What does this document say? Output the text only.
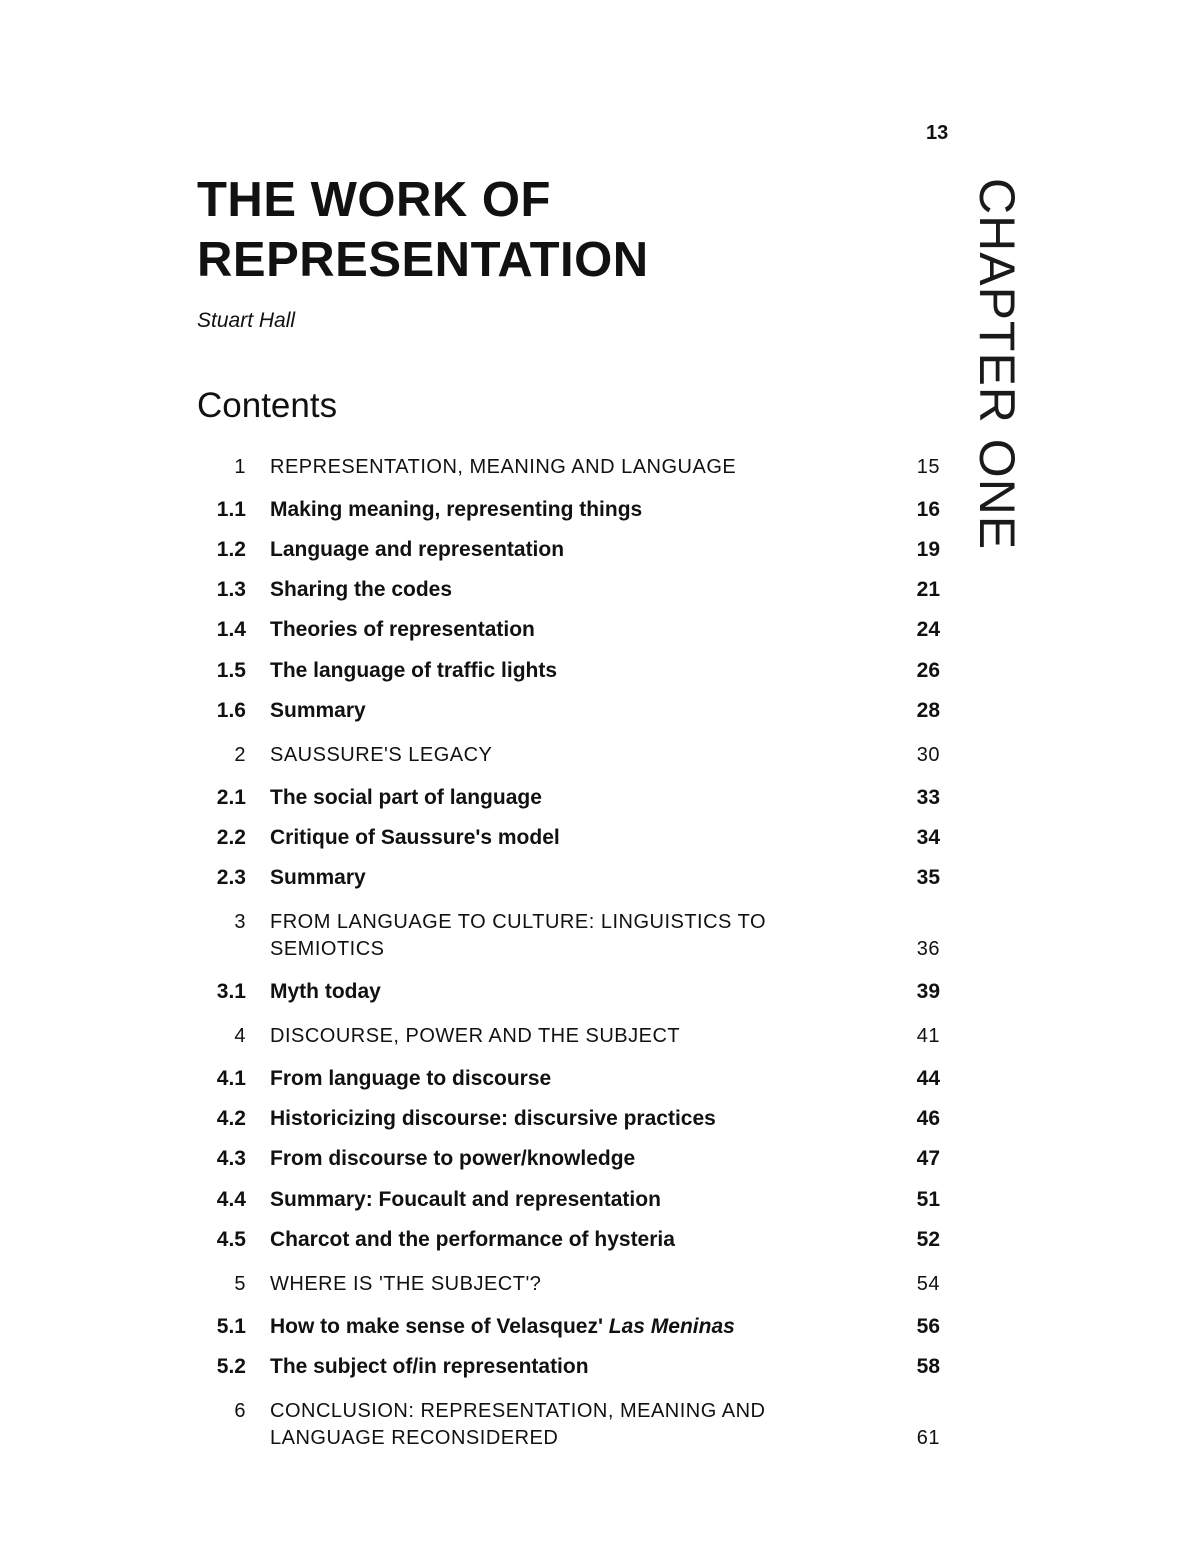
13
CHAPTER ONE
THE WORK OF
REPRESENTATION
Stuart Hall
Contents
1 REPRESENTATION, MEANING AND LANGUAGE	15
1.1 Making meaning, representing things	16
1.2 Language and representation	19
1.3 Sharing the codes	21
1.4 Theories of representation	24
1.5 The language of traffic lights	26
1.6 Summary	28
2 SAUSSURE'S LEGACY	30
2.1 The social part of language	33
2.2 Critique of Saussure's model	34
2.3 Summary	35
3 FROM LANGUAGE TO CULTURE: LINGUISTICS TO SEMIOTICS	36
3.1 Myth today	39
4 DISCOURSE, POWER AND THE SUBJECT	41
4.1 From language to discourse	44
4.2 Historicizing discourse: discursive practices	46
4.3 From discourse to power/knowledge	47
4.4 Summary: Foucault and representation	51
4.5 Charcot and the performance of hysteria	52
5 WHERE IS 'THE SUBJECT'?	54
5.1 How to make sense of Velasquez' Las Meninas	56
5.2 The subject of/in representation	58
6 CONCLUSION: REPRESENTATION, MEANING AND LANGUAGE RECONSIDERED	61
